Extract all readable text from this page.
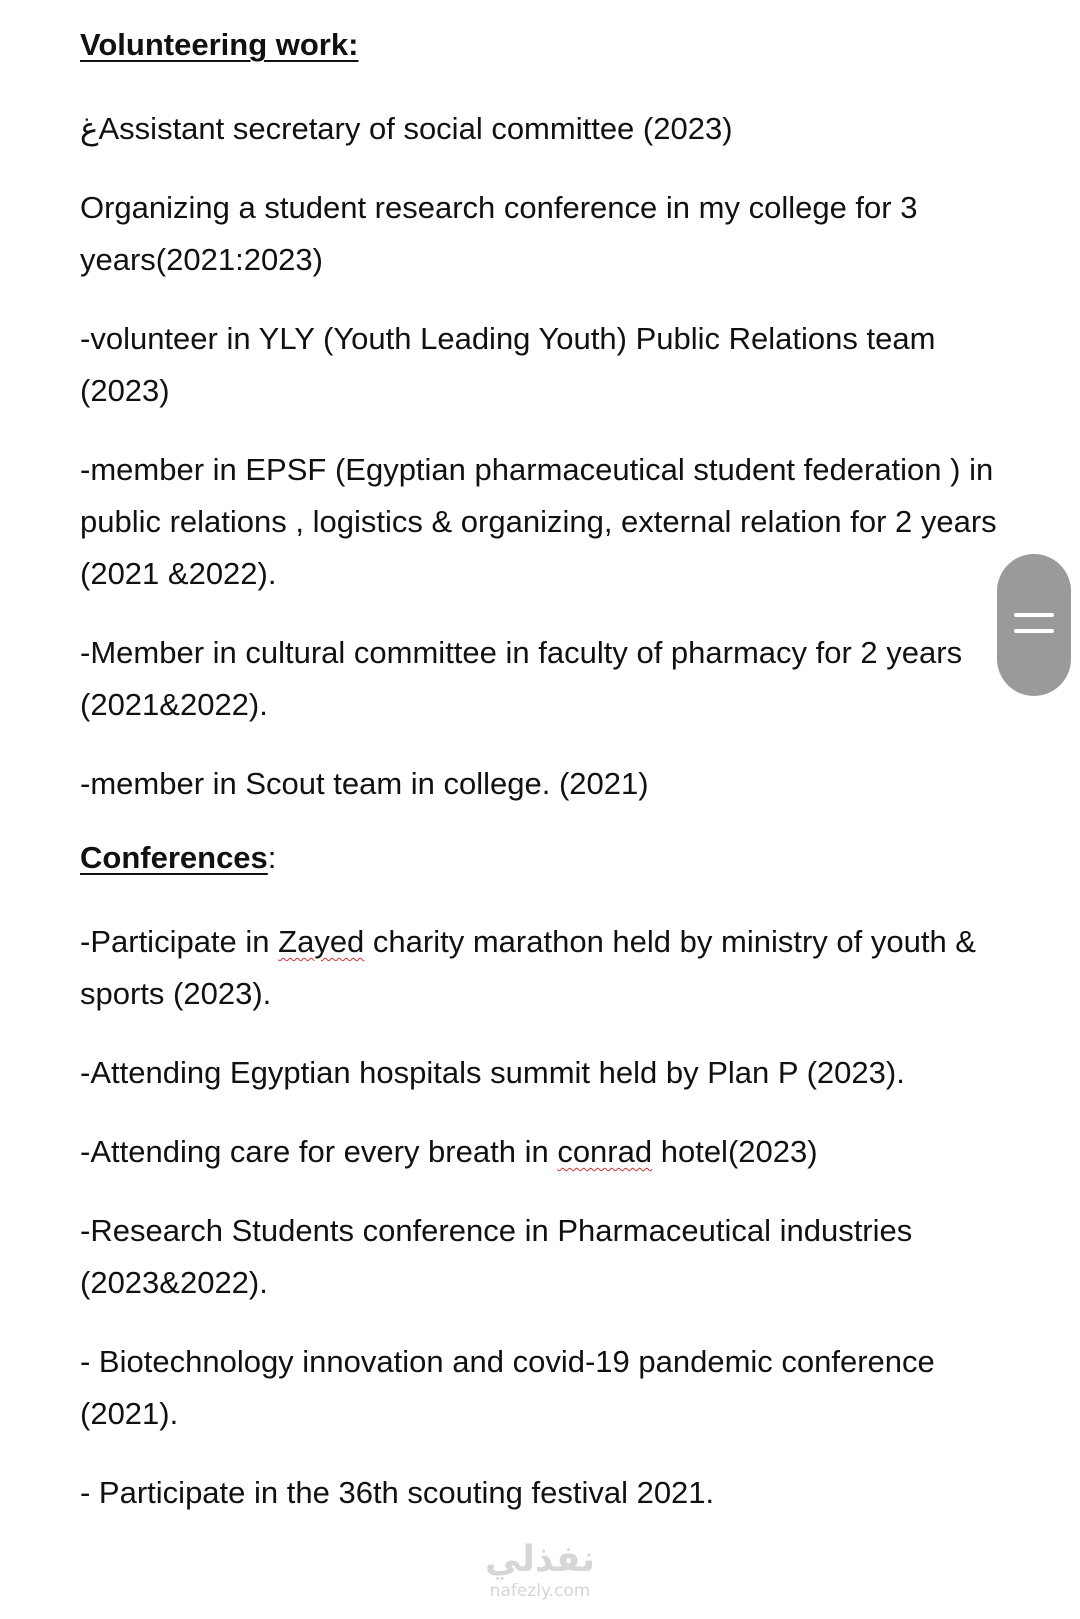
Volunteering work:
ﻍAssistant secretary of social committee (2023)
Organizing a student research conference in my college for 3 years(2021:2023)
-volunteer in YLY (Youth Leading Youth) Public Relations team (2023)
-member in EPSF (Egyptian pharmaceutical student federation ) in public relations , logistics & organizing, external relation for 2 years (2021 &2022).
-Member in cultural committee in faculty of pharmacy for 2 years (2021&2022).
-member in Scout team in college. (2021)
Conferences:
-Participate in Zayed charity marathon held by ministry of youth & sports (2023).
-Attending Egyptian hospitals summit held by Plan P (2023).
-Attending care for every breath in conrad hotel(2023)
-Research Students conference in Pharmaceutical industries (2023&2022).
- Biotechnology innovation and covid-19 pandemic conference (2021).
- Participate in the 36th scouting festival 2021.
نفذلي
nafezly.com
